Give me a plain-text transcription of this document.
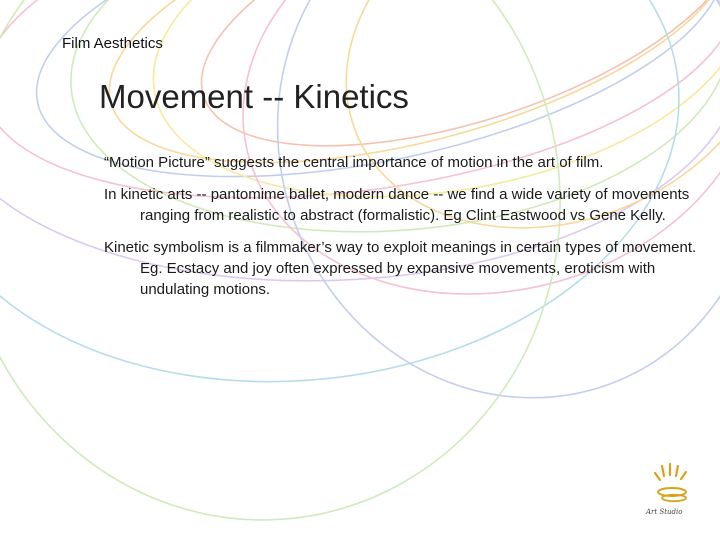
Film Aesthetics
Movement -- Kinetics

“Motion Picture” suggests the central importance of motion in the art of film.

In kinetic arts -- pantomime ballet, modern dance -- we find a wide variety of movements ranging from realistic to abstract (formalistic). Eg Clint Eastwood vs Gene Kelly.

Kinetic symbolism is a filmmaker’s way to exploit meanings in certain types of movement. Eg. Ecstacy and joy often expressed by expansive movements, eroticism with undulating motions.

Art Studio
